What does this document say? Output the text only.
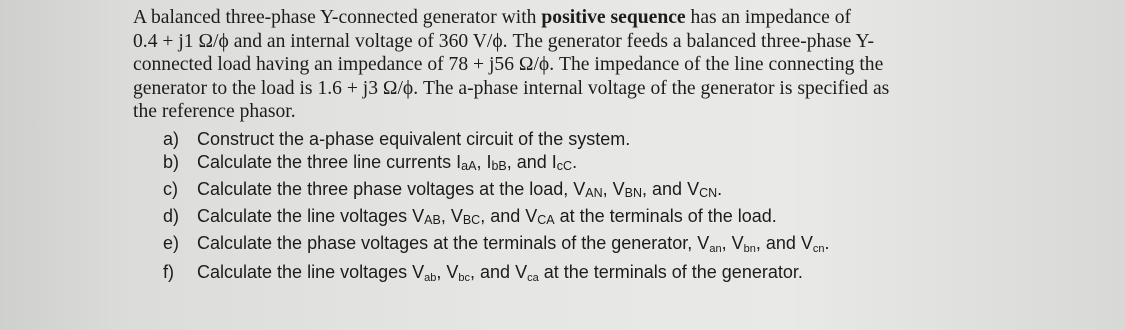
A balanced three-phase Y-connected generator with positive sequence has an impedance of
0.4 + j1 Ω/ϕ and an internal voltage of 360 V/ϕ. The generator feeds a balanced three-phase Y-
connected load having an impedance of 78 + j56 Ω/ϕ. The impedance of the line connecting the
generator to the load is 1.6 + j3 Ω/ϕ. The a-phase internal voltage of the generator is specified as
the reference phasor.

a) Construct the a-phase equivalent circuit of the system.
b) Calculate the three line currents $I_{aA}$, $I_{bB}$, and $I_{cC}$.
c)	Calculate the three phase voltages at the load, $V_{AN}$, $V_{BN}$, and $V_{CN}$.
d) Calculate the line voltages $V_{AB}$, $V_{BC}$, and $V_{CA}$ at the terminals of the load.
e) Calculate the phase voltages at the terminals of the generator, $V_{an}$, $V_{bn}$, and $V_{cn}$.
f)	Calculate the line voltages $V_{ab}$, $V_{bc}$, and $V_{ca}$ at the terminals of the generator.
